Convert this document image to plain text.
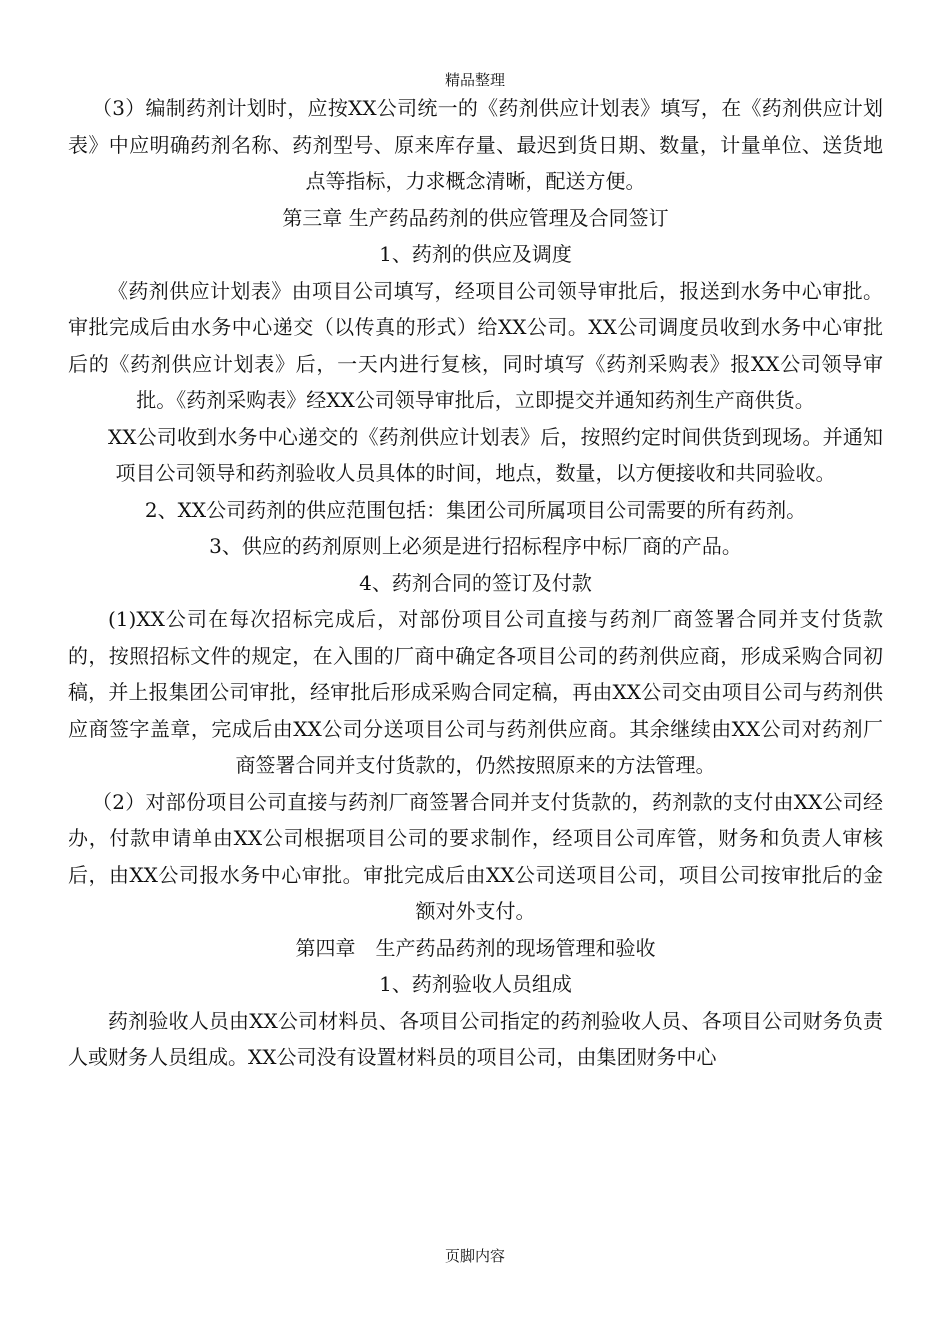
精品整理

（3）编制药剂计划时，应按XX公司统一的《药剂供应计划表》填写，在《药剂供应计划表》中应明确药剂名称、药剂型号、原来库存量、最迟到货日期、数量，计量单位、送货地点等指标，力求概念清晰，配送方便。

第三章 生产药品药剂的供应管理及合同签订

1、药剂的供应及调度

《药剂供应计划表》由项目公司填写，经项目公司领导审批后，报送到水务中心审批。审批完成后由水务中心递交（以传真的形式）给XX公司。XX公司调度员收到水务中心审批后的《药剂供应计划表》后，一天内进行复核，同时填写《药剂采购表》报XX公司领导审批。《药剂采购表》经XX公司领导审批后，立即提交并通知药剂生产商供货。

XX公司收到水务中心递交的《药剂供应计划表》后，按照约定时间供货到现场。并通知项目公司领导和药剂验收人员具体的时间，地点，数量，以方便接收和共同验收。

2、XX公司药剂的供应范围包括：集团公司所属项目公司需要的所有药剂。

3、供应的药剂原则上必须是进行招标程序中标厂商的产品。

4、药剂合同的签订及付款

(1)XX公司在每次招标完成后，对部份项目公司直接与药剂厂商签署合同并支付货款的，按照招标文件的规定，在入围的厂商中确定各项目公司的药剂供应商，形成采购合同初稿，并上报集团公司审批，经审批后形成采购合同定稿，再由XX公司交由项目公司与药剂供应商签字盖章，完成后由XX公司分送项目公司与药剂供应商。其余继续由XX公司对药剂厂商签署合同并支付货款的，仍然按照原来的方法管理。

（2）对部份项目公司直接与药剂厂商签署合同并支付货款的，药剂款的支付由XX公司经办，付款申请单由XX公司根据项目公司的要求制作，经项目公司库管，财务和负责人审核后，由XX公司报水务中心审批。审批完成后由XX公司送项目公司，项目公司按审批后的金额对外支付。

第四章　生产药品药剂的现场管理和验收

1、药剂验收人员组成

药剂验收人员由XX公司材料员、各项目公司指定的药剂验收人员、各项目公司财务负责人或财务人员组成。XX公司没有设置材料员的项目公司，由集团财务中心

页脚内容
